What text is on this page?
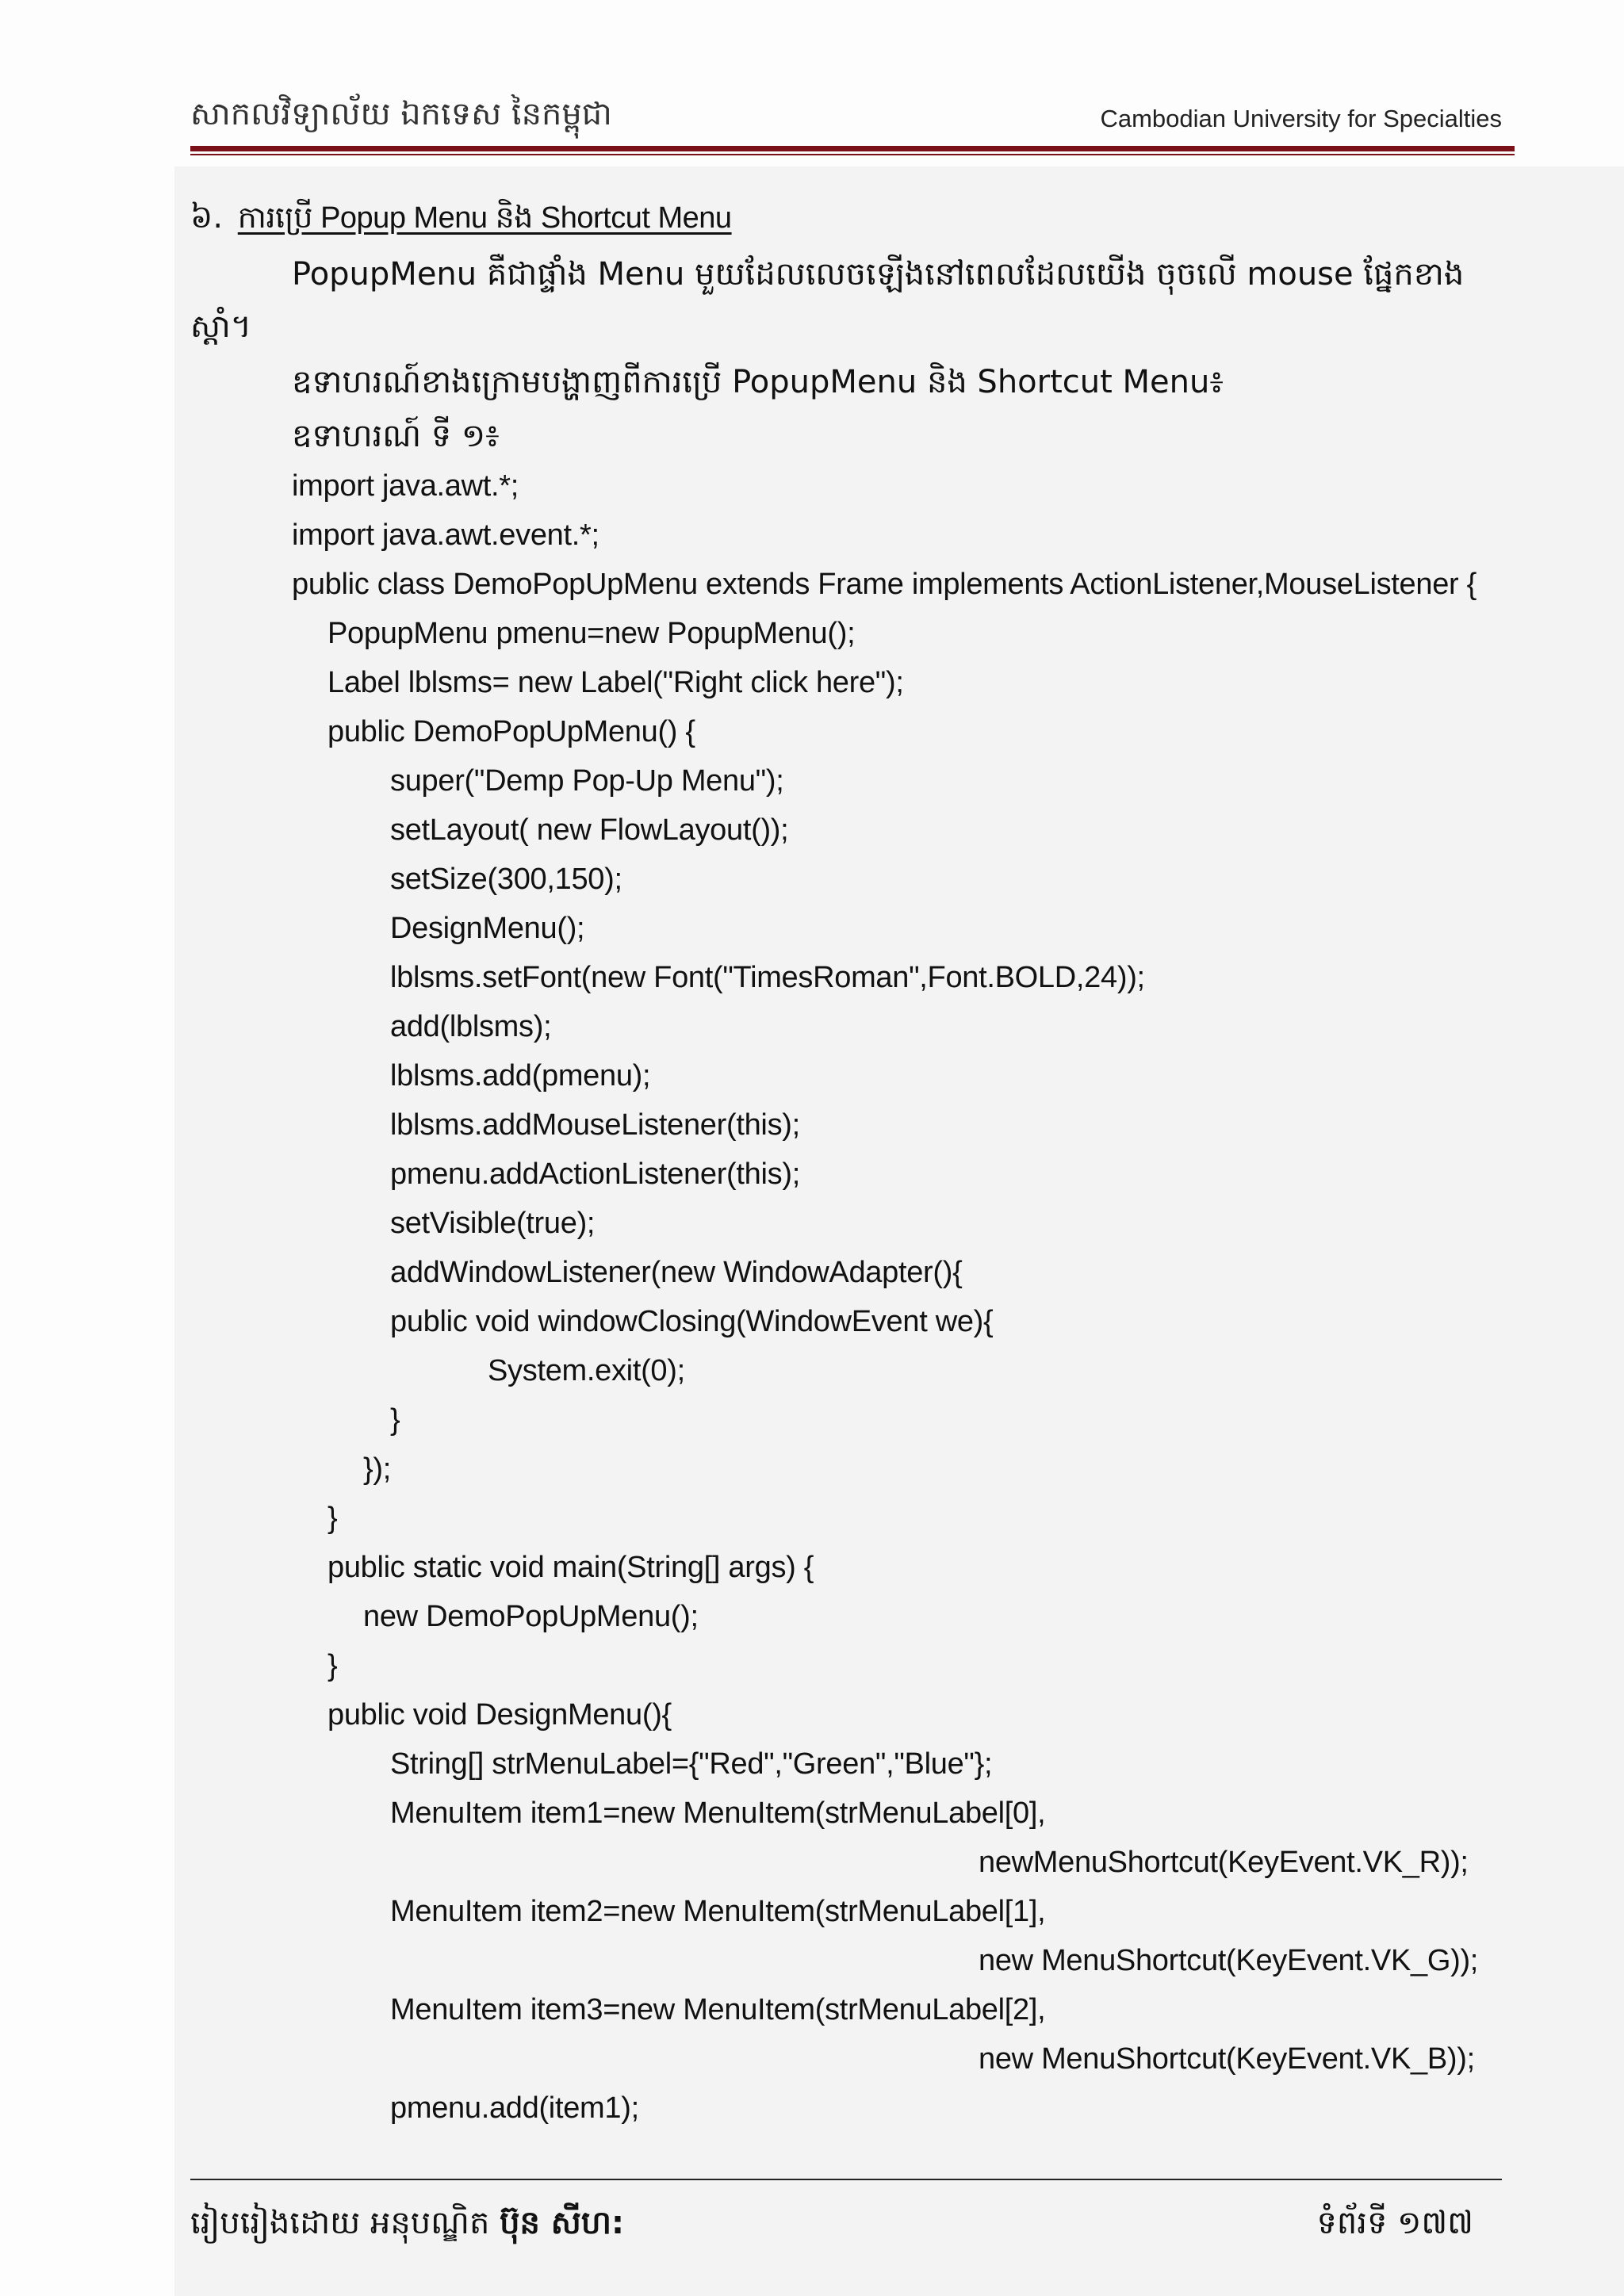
សាកលវិទ្យាល័យ ឯកទេស នៃកម្ពុជា	Cambodian University for Specialties
៦. ការប្រើ Popup Menu និង Shortcut Menu
PopupMenu គឺជាផ្ទាំង Menu មួយដែលលេចឡើងនៅពេលដែលយើង ចុចលើ mouse ផ្នែកខាង
ស្តាំ។
ឧទាហរណ៍ខាងក្រោមបង្ហាញពីការប្រើ PopupMenu និង Shortcut Menu៖
ឧទាហរណ៍ ទី ១៖
import java.awt.*;
import java.awt.event.*;
public class DemoPopUpMenu extends Frame implements ActionListener,MouseListener {
PopupMenu pmenu=new PopupMenu();
Label lblsms= new Label("Right click here");
public DemoPopUpMenu() {
super("Demp Pop-Up Menu");
setLayout( new FlowLayout());
setSize(300,150);
DesignMenu();
lblsms.setFont(new Font("TimesRoman",Font.BOLD,24));
add(lblsms);
lblsms.add(pmenu);
lblsms.addMouseListener(this);
pmenu.addActionListener(this);
setVisible(true);
addWindowListener(new WindowAdapter(){
public void windowClosing(WindowEvent we){
System.exit(0);
}
});
}
public static void main(String[] args) {
new DemoPopUpMenu();
}
public void DesignMenu(){
String[] strMenuLabel={"Red","Green","Blue"};
MenuItem item1=new MenuItem(strMenuLabel[0],
newMenuShortcut(KeyEvent.VK_R));
MenuItem item2=new MenuItem(strMenuLabel[1],
new MenuShortcut(KeyEvent.VK_G));
MenuItem item3=new MenuItem(strMenuLabel[2],
new MenuShortcut(KeyEvent.VK_B));
pmenu.add(item1);
រៀបរៀងដោយ អនុបណ្ឌិត ប៊ុន សីហ:	ទំព័រទី ១៧៧
